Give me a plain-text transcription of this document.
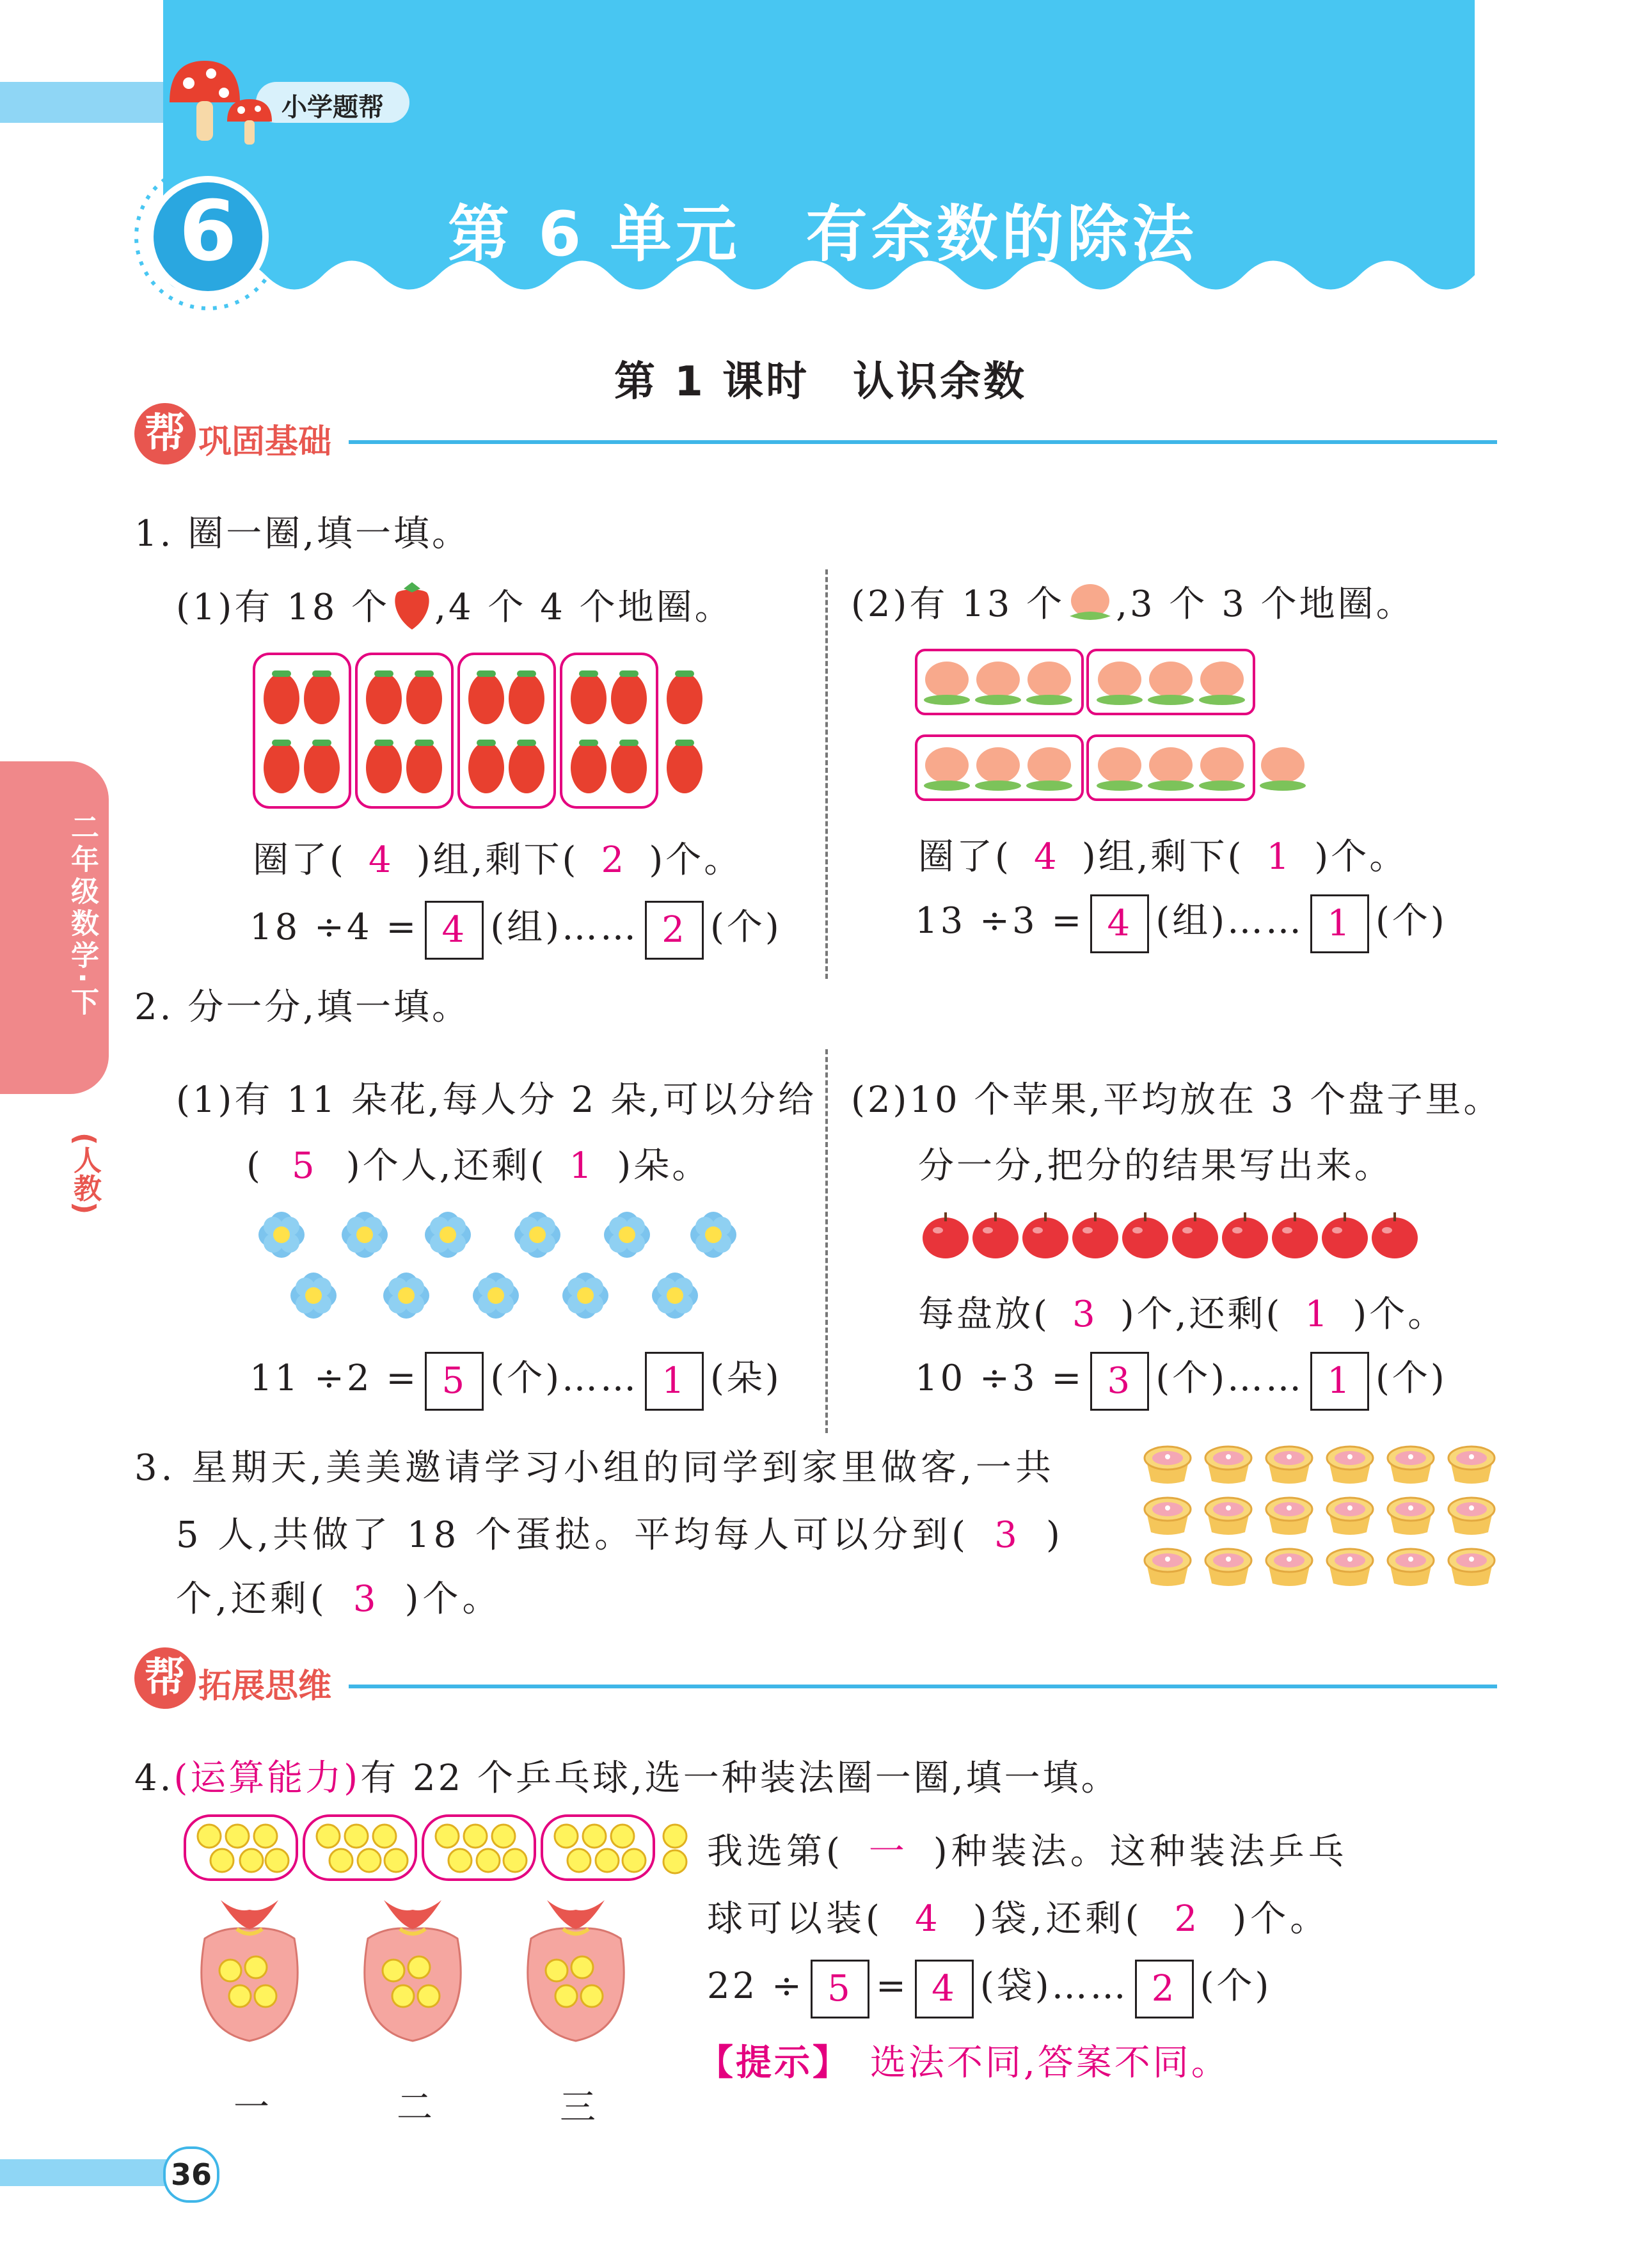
小学题帮
6	第 6 单元　有余数的除法
二年级数学·下
(人教)
第 1 课时　认识余数
帮 巩固基础
1. 圈一圈,填一填。
(1)有 18 个 ,4 个 4 个地圈。
圈了( 4 )组,剩下( 2 )个。
18 ÷4 = 4 (组)…… 2 (个)
(2)有 13 个 ,3 个 3 个地圈。
圈了( 4 )组,剩下( 1 )个。
13 ÷3 = 4 (组)…… 1 (个)
2. 分一分,填一填。
(1)有 11 朵花,每人分 2 朵,可以分给
( 5 )个人,还剩( 1 )朵。
11 ÷2 = 5 (个)…… 1 (朵)
(2)10 个苹果,平均放在 3 个盘子里。
分一分,把分的结果写出来。
每盘放( 3 )个,还剩( 1 )个。
10 ÷3 = 3 (个)…… 1 (个)
3. 星期天,美美邀请学习小组的同学到家里做客,一共
5 人,共做了 18 个蛋挞。平均每人可以分到( 3 )
个,还剩( 3 )个。
帮 拓展思维
4.(运算能力)有 22 个乒乓球,选一种装法圈一圈,填一填。
一	二	三
我选第( 一 )种装法。这种装法乒乓
球可以装( 4 )袋,还剩( 2 )个。
22 ÷ 5 = 4 (袋)…… 2 (个)
【提示】 选法不同,答案不同。
36
